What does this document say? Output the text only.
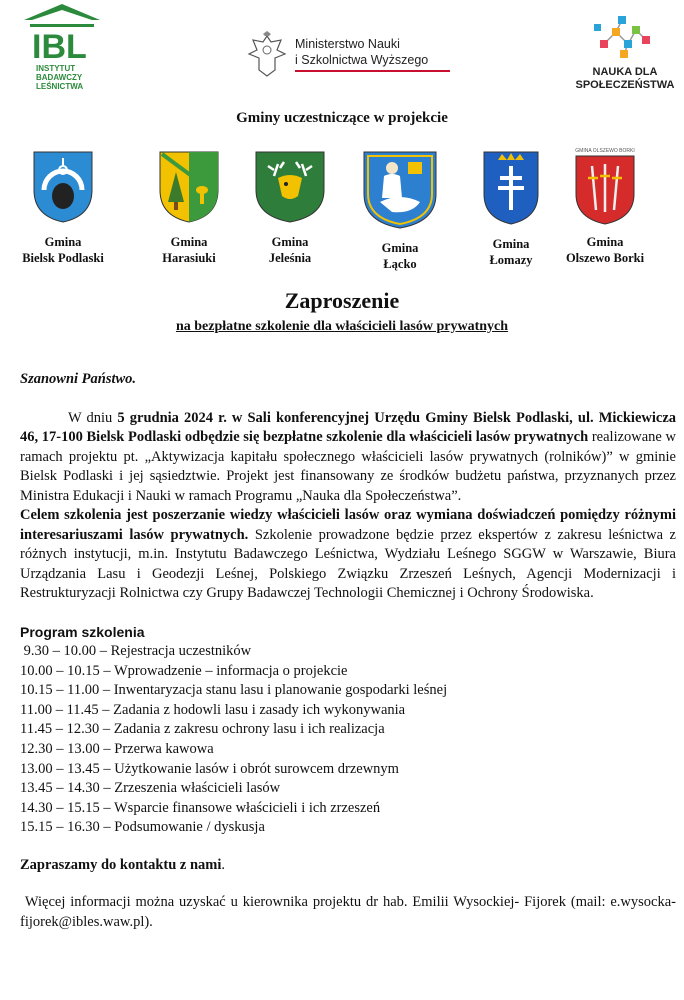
IBL
INSTYTUT
BADAWCZY
LEŚNICTWA
Ministerstwo Nauki
i Szkolnictwa Wyższego
NAUKA DLA
SPOŁECZEŃSTWA
Gminy uczestniczące w projekcie
Gmina
Bielsk Podlaski
Gmina
Harasiuki
Gmina
Jeleśnia
Gmina
Łącko
Gmina
Łomazy
GMINA OLSZEWO BORKI
Gmina
Olszewo Borki
Zaproszenie
na bezpłatne szkolenie dla właścicieli lasów prywatnych

Szanowni Państwo.

W dniu 5 grudnia 2024 r. w Sali konferencyjnej Urzędu Gminy Bielsk Podlaski, ul. Mickiewicza 46, 17-100 Bielsk Podlaski odbędzie się bezpłatne szkolenie dla właścicieli lasów prywatnych realizowane w ramach projektu pt. „Aktywizacja kapitału społecznego właścicieli lasów prywatnych (rolników)” w gminie Bielsk Podlaski i jej sąsiedztwie. Projekt jest finansowany ze środków budżetu państwa, przyznanych przez Ministra Edukacji i Nauki w ramach Programu „Nauka dla Społeczeństwa”.

Celem szkolenia jest poszerzanie wiedzy właścicieli lasów oraz wymiana doświadczeń pomiędzy różnymi interesariuszami lasów prywatnych. Szkolenie prowadzone będzie przez ekspertów z zakresu leśnictwa z różnych instytucji, m.in. Instytutu Badawczego Leśnictwa, Wydziału Leśnego SGGW w Warszawie, Biura Urządzania Lasu i Geodezji Leśnej, Polskiego Związku Zrzeszeń Leśnych, Agencji Modernizacji i Restrukturyzacji Rolnictwa czy Grupy Badawczej Technologii Chemicznej i Ochrony Środowiska.

Program szkolenia
9.30 – 10.00 – Rejestracja uczestników
10.00 – 10.15 – Wprowadzenie – informacja o projekcie
10.15 – 11.00 – Inwentaryzacja stanu lasu i planowanie gospodarki leśnej
11.00 – 11.45 – Zadania z hodowli lasu i zasady ich wykonywania
11.45 – 12.30 – Zadania z zakresu ochrony lasu i ich realizacja
12.30 – 13.00 – Przerwa kawowa
13.00 – 13.45 – Użytkowanie lasów i obrót surowcem drzewnym
13.45 – 14.30 – Zrzeszenia właścicieli lasów
14.30 – 15.15 – Wsparcie finansowe właścicieli i ich zrzeszeń
15.15 – 16.30 – Podsumowanie / dyskusja
Zapraszamy do kontaktu z nami.

Więcej informacji można uzyskać u kierownika projektu dr hab. Emilii Wysockiej- Fijorek (mail: e.wysocka-fijorek@ibles.waw.pl).
